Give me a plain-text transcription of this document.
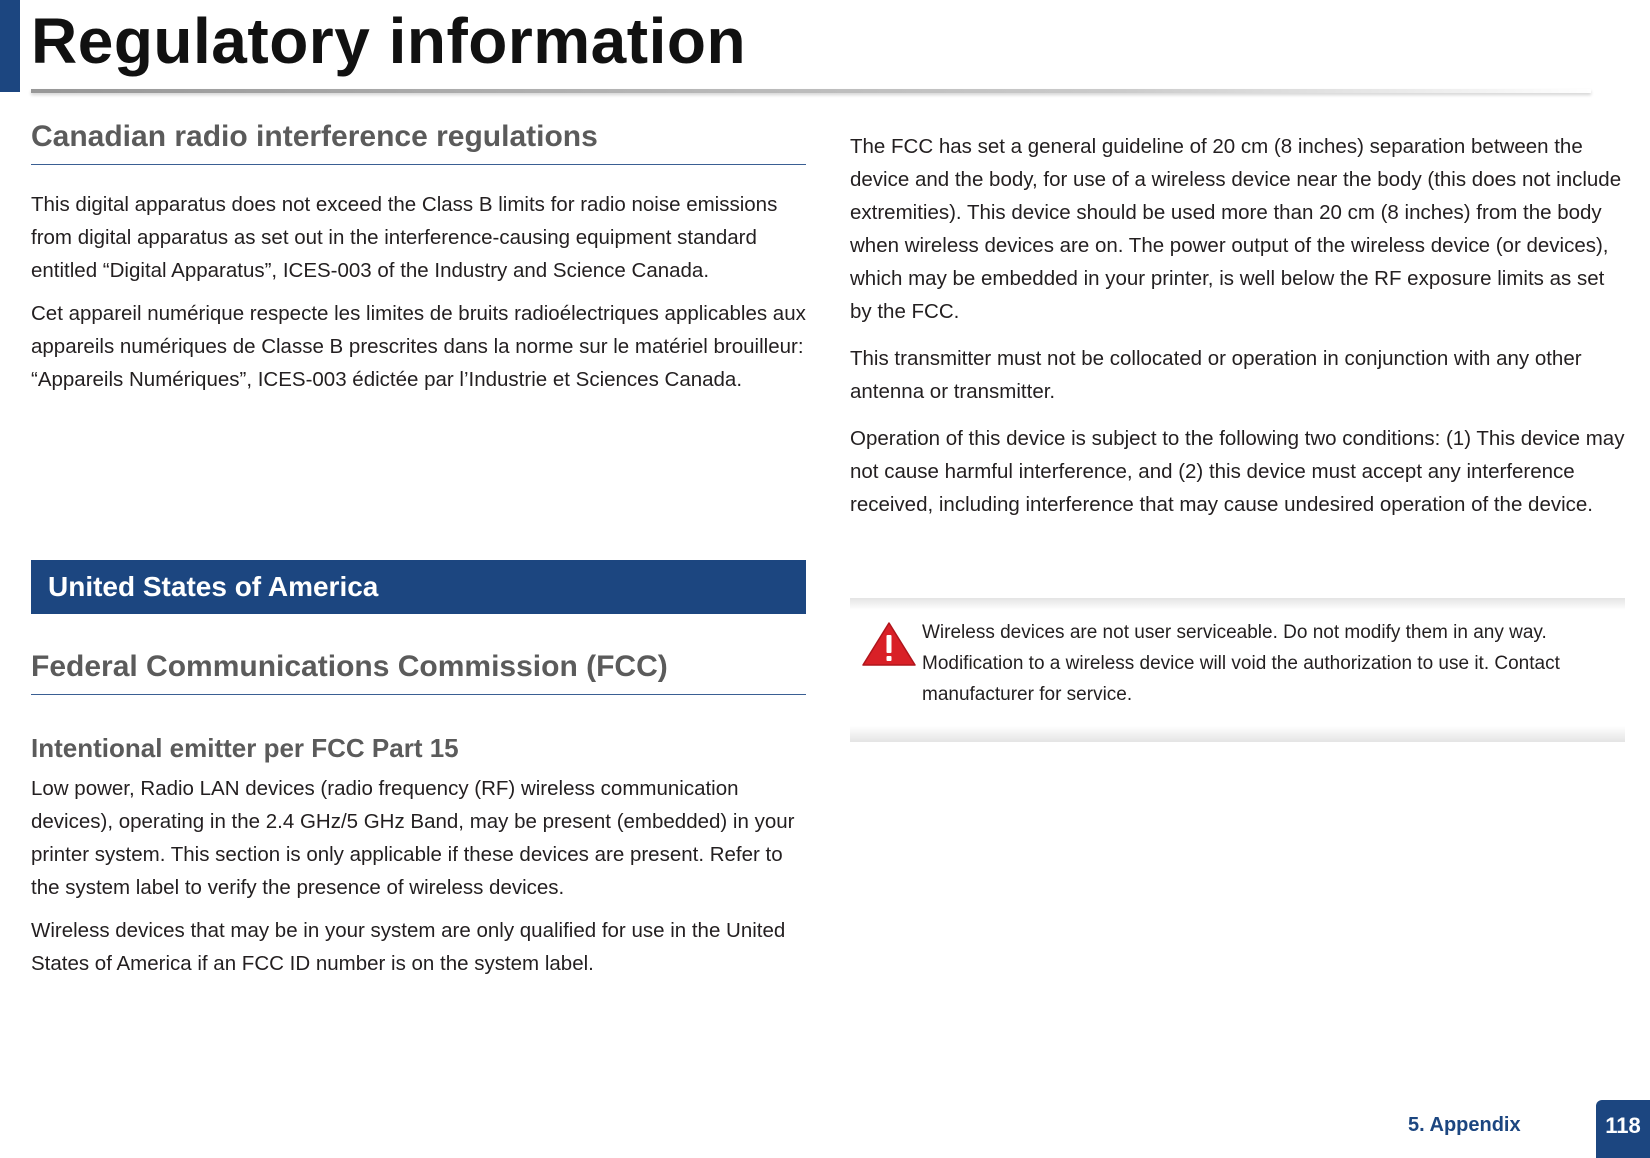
Regulatory information
Canadian radio interference regulations

This digital apparatus does not exceed the Class B limits for radio noise emissions from digital apparatus as set out in the interference-causing equipment standard entitled “Digital Apparatus”, ICES-003 of the Industry and Science Canada.

Cet appareil numérique respecte les limites de bruits radioélectriques applicables aux appareils numériques de Classe B prescrites dans la norme sur le matériel brouilleur: “Appareils Numériques”, ICES-003 édictée par l’Industrie et Sciences Canada.

United States of America
Federal Communications Commission (FCC)
Intentional emitter per FCC Part 15

Low power, Radio LAN devices (radio frequency (RF) wireless communication devices), operating in the 2.4 GHz/5 GHz Band, may be present (embedded) in your printer system. This section is only applicable if these devices are present. Refer to the system label to verify the presence of wireless devices.

Wireless devices that may be in your system are only qualified for use in the United States of America if an FCC ID number is on the system label.

The FCC has set a general guideline of 20 cm (8 inches) separation between the device and the body, for use of a wireless device near the body (this does not include extremities). This device should be used more than 20 cm (8 inches) from the body when wireless devices are on. The power output of the wireless device (or devices), which may be embedded in your printer, is well below the RF exposure limits as set by the FCC.

This transmitter must not be collocated or operation in conjunction with any other antenna or transmitter.

Operation of this device is subject to the following two conditions: (1) This device may not cause harmful interference, and (2) this device must accept any interference received, including interference that may cause undesired operation of the device.

Wireless devices are not user serviceable. Do not modify them in any way. Modification to a wireless device will void the authorization to use it. Contact manufacturer for service.
5. Appendix	118
